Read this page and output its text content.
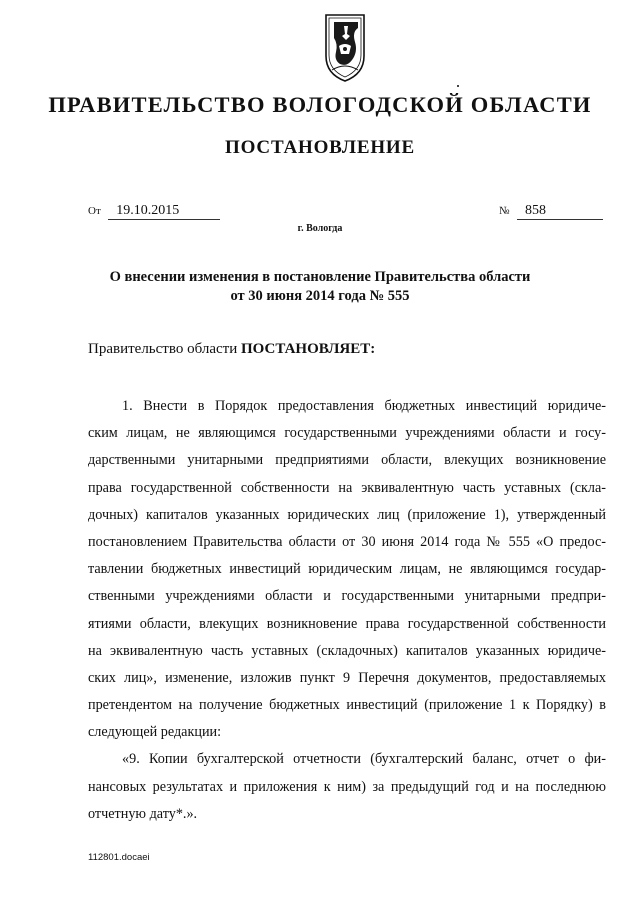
ПРАВИТЕЛЬСТВО ВОЛОГОДСКОЙ ОБЛАСТИ
ПОСТАНОВЛЕНИЕ
От 19.10.2015	№ 858
г. Вологда
О внесении изменения в постановление Правительства области
от 30 июня 2014 года № 555
Правительство области ПОСТАНОВЛЯЕТ:
1. Внести в Порядок предоставления бюджетных инвестиций юридиче-
ским лицам, не являющимся государственными учреждениями области и госу-
дарственными унитарными предприятиями области, влекущих возникновение
права государственной собственности на эквивалентную часть уставных (скла-
дочных) капиталов указанных юридических лиц (приложение 1), утвержденный
постановлением Правительства области от 30 июня 2014 года № 555 «О предос-
тавлении бюджетных инвестиций юридическим лицам, не являющимся государ-
ственными учреждениями области и государственными унитарными предпри-
ятиями области, влекущих возникновение права государственной собственности
на эквивалентную часть уставных (складочных) капиталов указанных юридиче-
ских лиц», изменение, изложив пункт 9 Перечня документов, предоставляемых
претендентом на получение бюджетных инвестиций (приложение 1 к Порядку) в
следующей редакции:
«9. Копии бухгалтерской отчетности (бухгалтерский баланс, отчет о фи-
нансовых результатах и приложения к ним) за предыдущий год и на последнюю
отчетную дату*.».
112801.docaei
